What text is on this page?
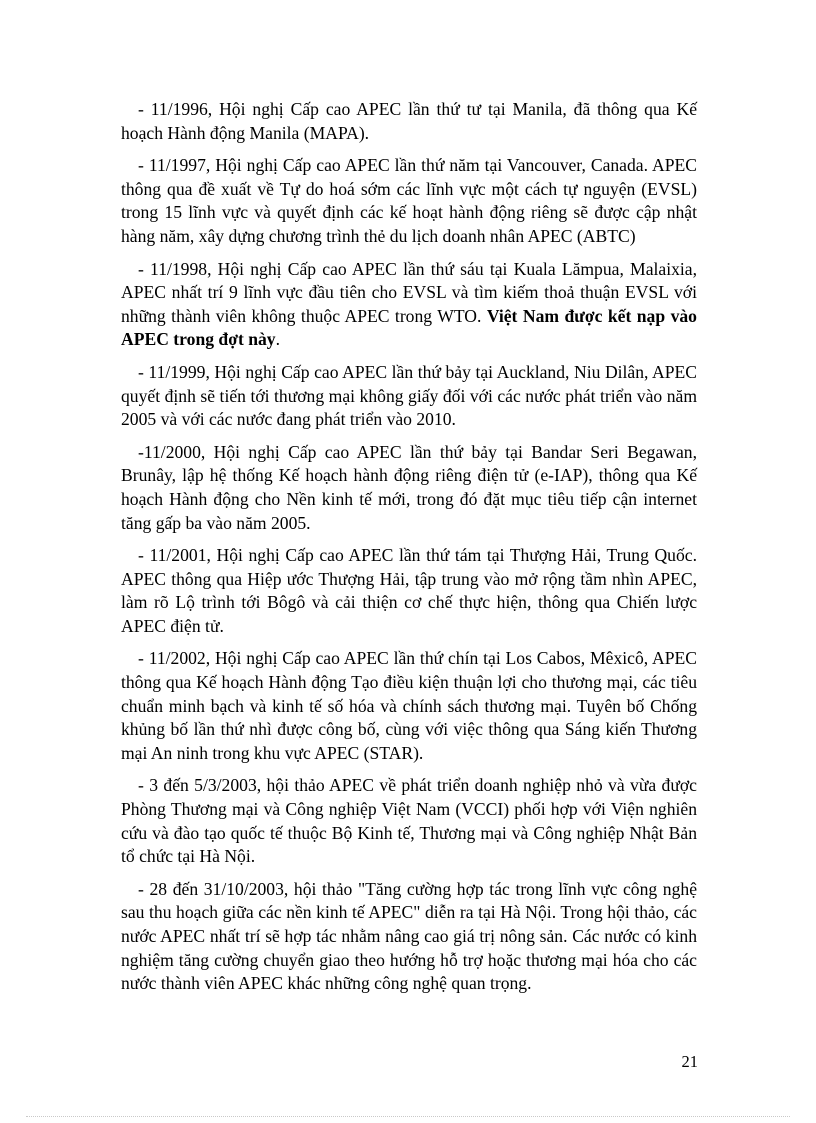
- 11/1996, Hội nghị Cấp cao APEC lần thứ tư tại Manila, đã thông qua Kế hoạch Hành động Manila (MAPA).

- 11/1997, Hội nghị Cấp cao APEC lần thứ năm tại Vancouver, Canada. APEC thông qua đề xuất về Tự do hoá sớm các lĩnh vực một cách tự nguyện (EVSL) trong 15 lĩnh vực và quyết định các kế hoạt hành động riêng sẽ được cập nhật hàng năm, xây dựng chương trình thẻ du lịch doanh nhân APEC (ABTC)

- 11/1998, Hội nghị Cấp cao APEC lần thứ sáu tại Kuala Lămpua, Malaixia, APEC nhất trí 9 lĩnh vực đầu tiên cho EVSL và tìm kiếm thoả thuận EVSL với những thành viên không thuộc APEC trong WTO. Việt Nam được kết nạp vào APEC trong đợt này.

- 11/1999, Hội nghị Cấp cao APEC lần thứ bảy tại Auckland, Niu Dilân, APEC quyết định sẽ tiến tới thương mại không giấy đối với các nước phát triển vào năm 2005 và với các nước đang phát triển vào 2010.

-11/2000, Hội nghị Cấp cao APEC lần thứ bảy tại Bandar Seri Begawan, Brunây, lập hệ thống Kế hoạch hành động riêng điện tử (e-IAP), thông qua Kế hoạch Hành động cho Nền kinh tế mới, trong đó đặt mục tiêu tiếp cận internet tăng gấp ba vào năm 2005.

- 11/2001, Hội nghị Cấp cao APEC lần thứ tám tại Thượng Hải, Trung Quốc. APEC thông qua Hiệp ước Thượng Hải, tập trung vào mở rộng tầm nhìn APEC, làm rõ Lộ trình tới Bôgô và cải thiện cơ chế thực hiện, thông qua Chiến lược APEC điện tử.

- 11/2002, Hội nghị Cấp cao APEC lần thứ chín tại Los Cabos, Mêxicô, APEC thông qua Kế hoạch Hành động Tạo điều kiện thuận lợi cho thương mại, các tiêu chuẩn minh bạch và kinh tế số hóa và chính sách thương mại. Tuyên bố Chống khủng bố lần thứ nhì được công bố, cùng với việc thông qua Sáng kiến Thương mại An ninh trong khu vực APEC (STAR).

- 3 đến 5/3/2003, hội thảo APEC về phát triển doanh nghiệp nhỏ và vừa được Phòng Thương mại và Công nghiệp Việt Nam (VCCI) phối hợp với Viện nghiên cứu và đào tạo quốc tế thuộc Bộ Kinh tế, Thương mại và Công nghiệp Nhật Bản tổ chức tại Hà Nội.

- 28 đến 31/10/2003, hội thảo "Tăng cường hợp tác trong lĩnh vực công nghệ sau thu hoạch giữa các nền kinh tế APEC" diễn ra tại Hà Nội. Trong hội thảo, các nước APEC nhất trí sẽ hợp tác nhằm nâng cao giá trị nông sản. Các nước có kinh nghiệm tăng cường chuyển giao theo hướng hỗ trợ hoặc thương mại hóa cho các nước thành viên APEC khác những công nghệ quan trọng.

21
